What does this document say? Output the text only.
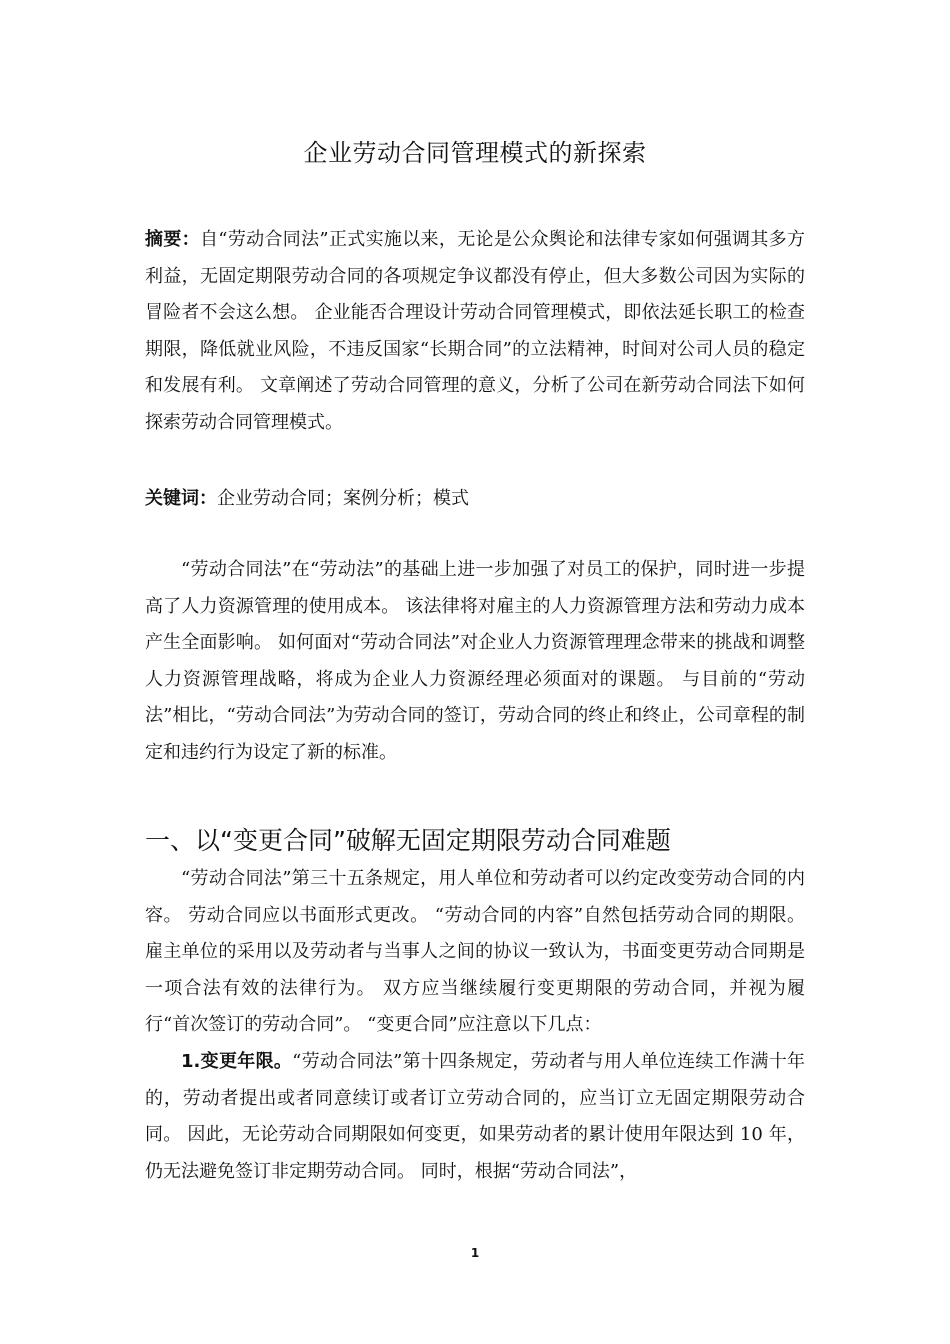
企业劳动合同管理模式的新探索

摘要：自“劳动合同法”正式实施以来，无论是公众舆论和法律专家如何强调其多方利益，无固定期限劳动合同的各项规定争议都没有停止，但大多数公司因为实际的冒险者不会这么想。 企业能否合理设计劳动合同管理模式，即依法延长职工的检查期限，降低就业风险，不违反国家“长期合同”的立法精神，时间对公司人员的稳定和发展有利。 文章阐述了劳动合同管理的意义，分析了公司在新劳动合同法下如何探索劳动合同管理模式。

关键词：企业劳动合同；案例分析；模式

“劳动合同法”在“劳动法”的基础上进一步加强了对员工的保护，同时进一步提高了人力资源管理的使用成本。 该法律将对雇主的人力资源管理方法和劳动力成本产生全面影响。 如何面对“劳动合同法”对企业人力资源管理理念带来的挑战和调整人力资源管理战略，将成为企业人力资源经理必须面对的课题。 与目前的“劳动法”相比，“劳动合同法”为劳动合同的签订，劳动合同的终止和终止，公司章程的制定和违约行为设定了新的标准。

一、以“变更合同”破解无固定期限劳动合同难题

“劳动合同法”第三十五条规定，用人单位和劳动者可以约定改变劳动合同的内容。 劳动合同应以书面形式更改。 “劳动合同的内容”自然包括劳动合同的期限。 雇主单位的采用以及劳动者与当事人之间的协议一致认为，书面变更劳动合同期是一项合法有效的法律行为。 双方应当继续履行变更期限的劳动合同，并视为履行“首次签订的劳动合同”。 “变更合同”应注意以下几点：

1.变更年限。“劳动合同法”第十四条规定，劳动者与用人单位连续工作满十年的，劳动者提出或者同意续订或者订立劳动合同的，应当订立无固定期限劳动合同。 因此，无论劳动合同期限如何变更，如果劳动者的累计使用年限达到 10 年，仍无法避免签订非定期劳动合同。 同时，根据“劳动合同法”，

1
